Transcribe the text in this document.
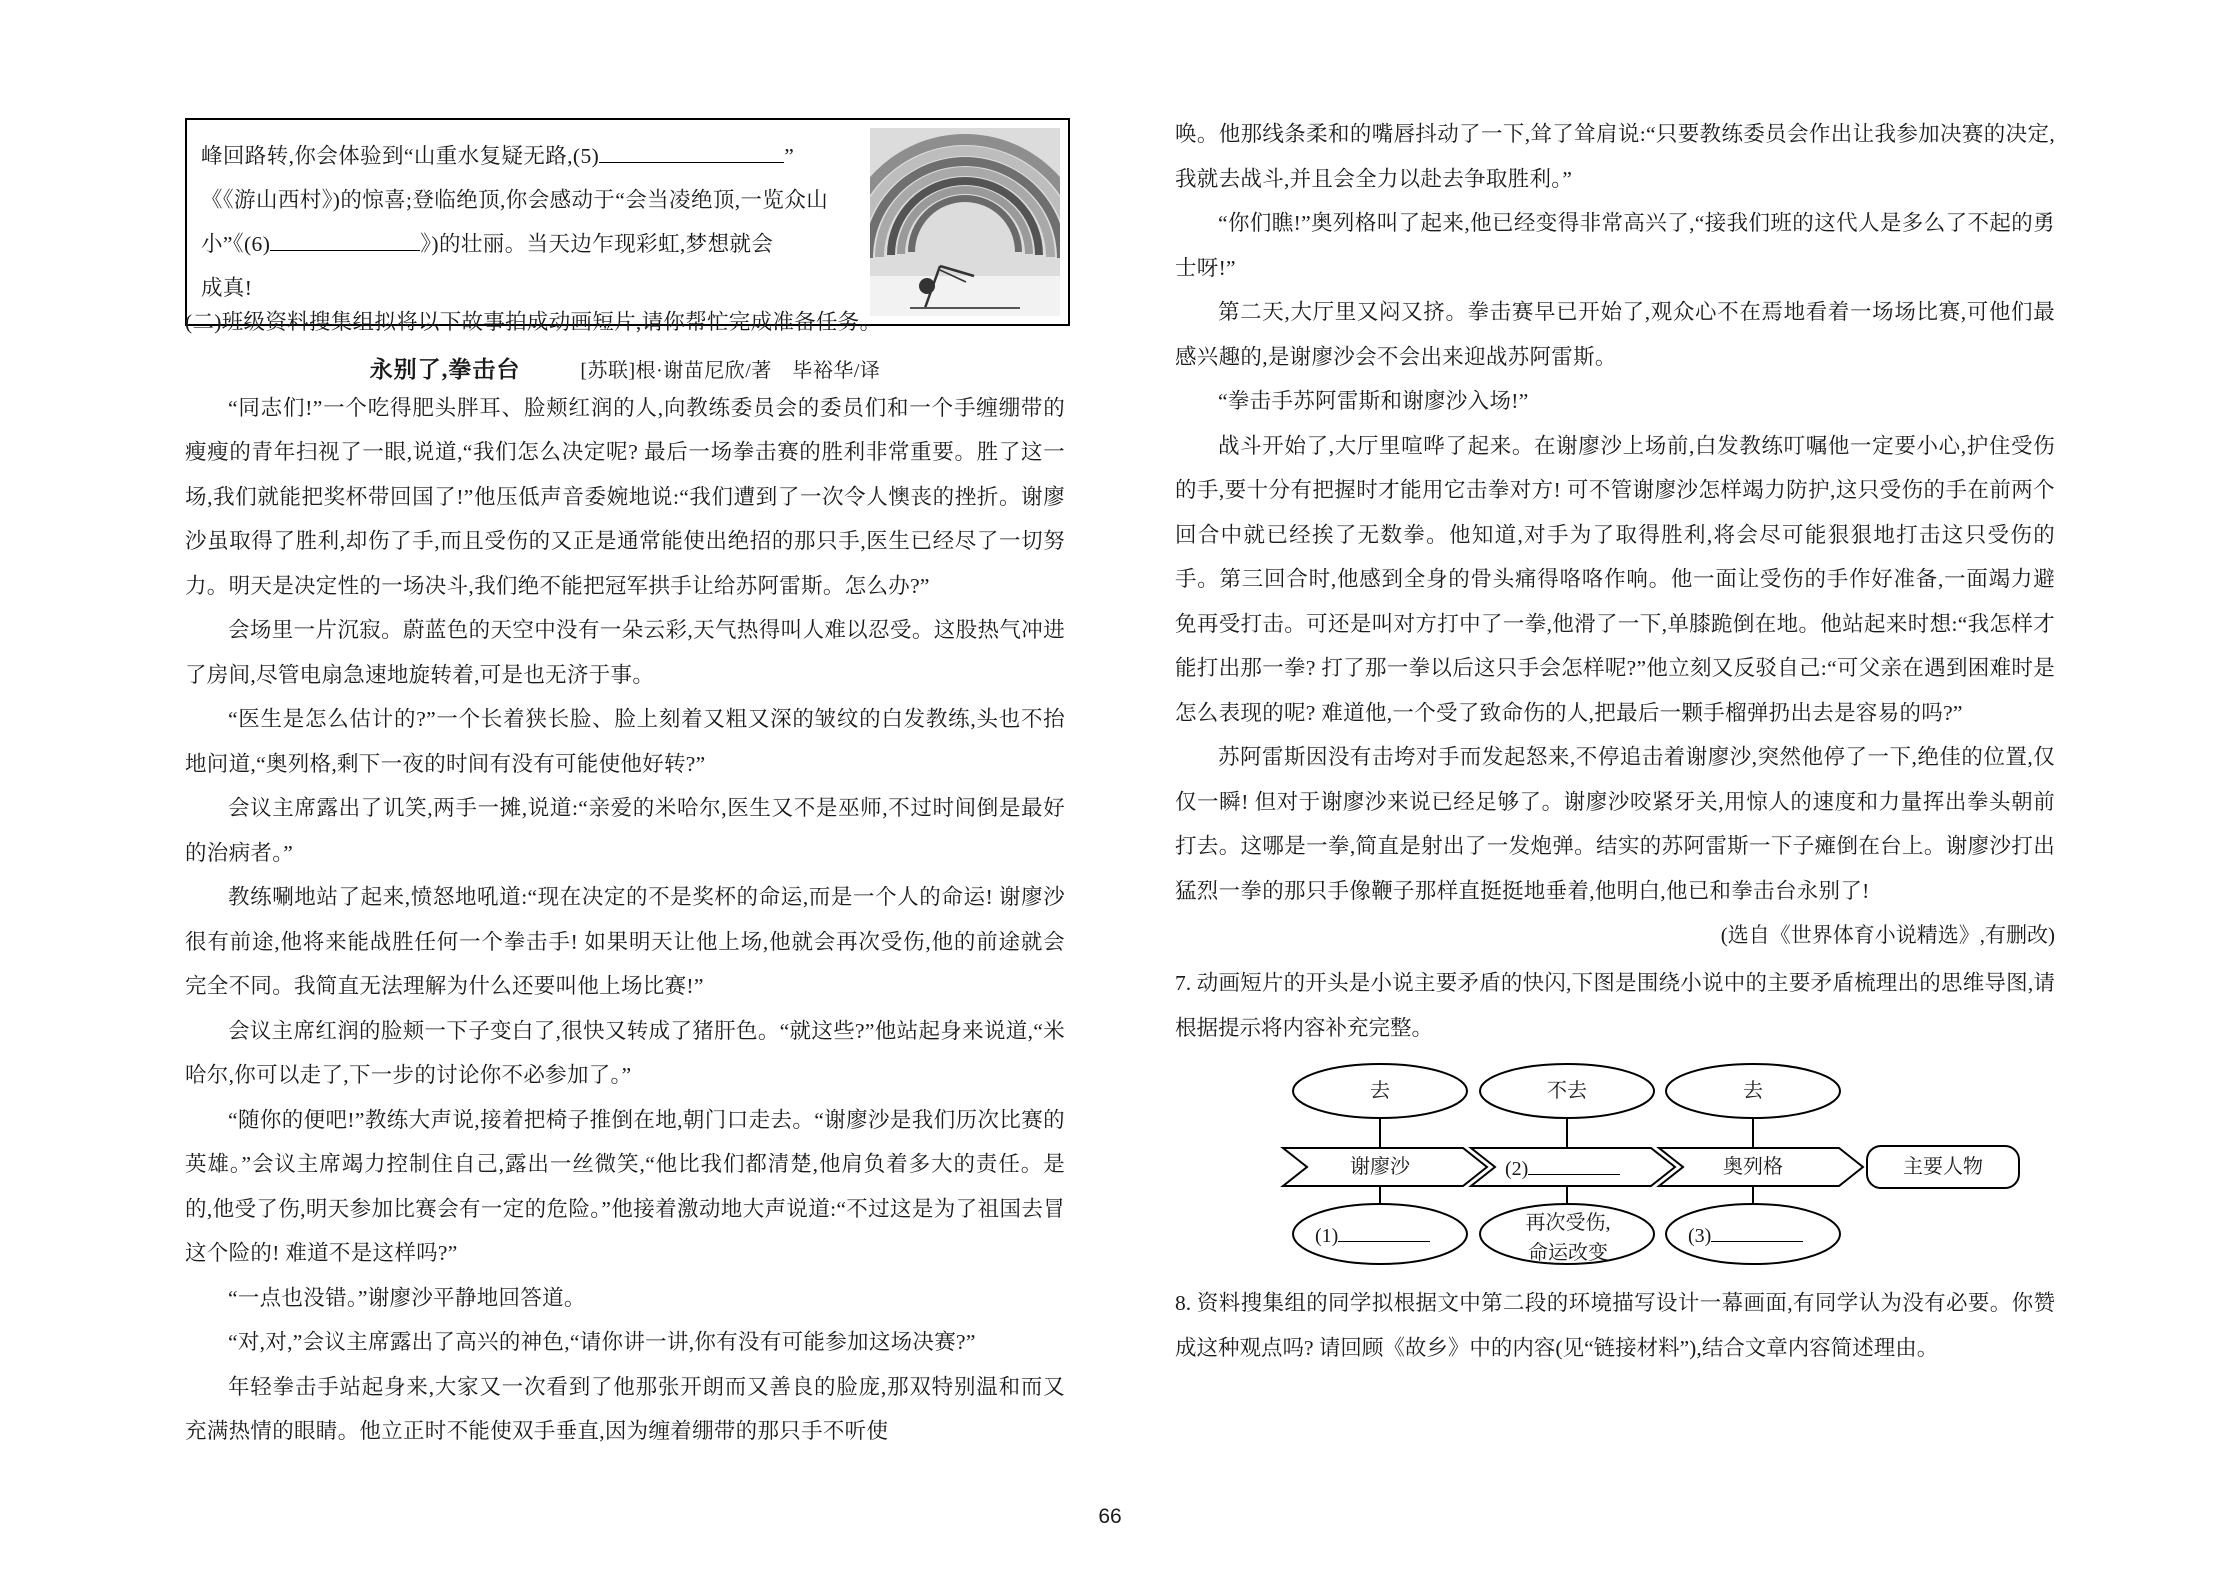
峰回路转,你会体验到“山重水复疑无路,(5)	”
《《游山西村》)的惊喜;登临绝顶,你会感动于“会当凌绝顶,一览众山
小”《(6)	》)的壮丽。当天边乍现彩虹,梦想就会
成真!
(二)班级资料搜集组拟将以下故事拍成动画短片,请你帮忙完成准备任务。
永别了,拳击台	[苏联]根·谢苗尼欣/著　毕裕华/译

“同志们!”一个吃得肥头胖耳、脸颊红润的人,向教练委员会的委员们和一个手缠绷带的瘦瘦的青年扫视了一眼,说道,“我们怎么决定呢? 最后一场拳击赛的胜利非常重要。胜了这一场,我们就能把奖杯带回国了!”他压低声音委婉地说:“我们遭到了一次令人懊丧的挫折。谢廖沙虽取得了胜利,却伤了手,而且受伤的又正是通常能使出绝招的那只手,医生已经尽了一切努力。明天是决定性的一场决斗,我们绝不能把冠军拱手让给苏阿雷斯。怎么办?”

会场里一片沉寂。蔚蓝色的天空中没有一朵云彩,天气热得叫人难以忍受。这股热气冲进了房间,尽管电扇急速地旋转着,可是也无济于事。

“医生是怎么估计的?”一个长着狭长脸、脸上刻着又粗又深的皱纹的白发教练,头也不抬地问道,“奥列格,剩下一夜的时间有没有可能使他好转?”

会议主席露出了讥笑,两手一摊,说道:“亲爱的米哈尔,医生又不是巫师,不过时间倒是最好的治病者。”

教练唰地站了起来,愤怒地吼道:“现在决定的不是奖杯的命运,而是一个人的命运! 谢廖沙很有前途,他将来能战胜任何一个拳击手! 如果明天让他上场,他就会再次受伤,他的前途就会完全不同。我简直无法理解为什么还要叫他上场比赛!”

会议主席红润的脸颊一下子变白了,很快又转成了猪肝色。“就这些?”他站起身来说道,“米哈尔,你可以走了,下一步的讨论你不必参加了。”

“随你的便吧!”教练大声说,接着把椅子推倒在地,朝门口走去。“谢廖沙是我们历次比赛的英雄。”会议主席竭力控制住自己,露出一丝微笑,“他比我们都清楚,他肩负着多大的责任。是的,他受了伤,明天参加比赛会有一定的危险。”他接着激动地大声说道:“不过这是为了祖国去冒这个险的! 难道不是这样吗?”

“一点也没错。”谢廖沙平静地回答道。

“对,对,”会议主席露出了高兴的神色,“请你讲一讲,你有没有可能参加这场决赛?”

年轻拳击手站起身来,大家又一次看到了他那张开朗而又善良的脸庞,那双特别温和而又充满热情的眼睛。他立正时不能使双手垂直,因为缠着绷带的那只手不听使

唤。他那线条柔和的嘴唇抖动了一下,耸了耸肩说:“只要教练委员会作出让我参加决赛的决定,我就去战斗,并且会全力以赴去争取胜利。”

“你们瞧!”奥列格叫了起来,他已经变得非常高兴了,“接我们班的这代人是多么了不起的勇士呀!”

第二天,大厅里又闷又挤。拳击赛早已开始了,观众心不在焉地看着一场场比赛,可他们最感兴趣的,是谢廖沙会不会出来迎战苏阿雷斯。

“拳击手苏阿雷斯和谢廖沙入场!”

战斗开始了,大厅里喧哗了起来。在谢廖沙上场前,白发教练叮嘱他一定要小心,护住受伤的手,要十分有把握时才能用它击拳对方! 可不管谢廖沙怎样竭力防护,这只受伤的手在前两个回合中就已经挨了无数拳。他知道,对手为了取得胜利,将会尽可能狠狠地打击这只受伤的手。第三回合时,他感到全身的骨头痛得咯咯作响。他一面让受伤的手作好准备,一面竭力避免再受打击。可还是叫对方打中了一拳,他滑了一下,单膝跪倒在地。他站起来时想:“我怎样才能打出那一拳? 打了那一拳以后这只手会怎样呢?”他立刻又反驳自己:“可父亲在遇到困难时是怎么表现的呢? 难道他,一个受了致命伤的人,把最后一颗手榴弹扔出去是容易的吗?”

苏阿雷斯因没有击垮对手而发起怒来,不停追击着谢廖沙,突然他停了一下,绝佳的位置,仅仅一瞬! 但对于谢廖沙来说已经足够了。谢廖沙咬紧牙关,用惊人的速度和力量挥出拳头朝前打去。这哪是一拳,简直是射出了一发炮弹。结实的苏阿雷斯一下子瘫倒在台上。谢廖沙打出猛烈一拳的那只手像鞭子那样直挺挺地垂着,他明白,他已和拳击台永别了!

(选自《世界体育小说精选》,有删改)

7. 动画短片的开头是小说主要矛盾的快闪,下图是围绕小说中的主要矛盾梳理出的思维导图,请根据提示将内容补充完整。

去	不去	去
谢廖沙	(2)	奥列格	主要人物
(1)
再次受伤,
命运改变
(3)

8. 资料搜集组的同学拟根据文中第二段的环境描写设计一幕画面,有同学认为没有必要。你赞成这种观点吗? 请回顾《故乡》中的内容(见“链接材料”),结合文章内容简述理由。

66
